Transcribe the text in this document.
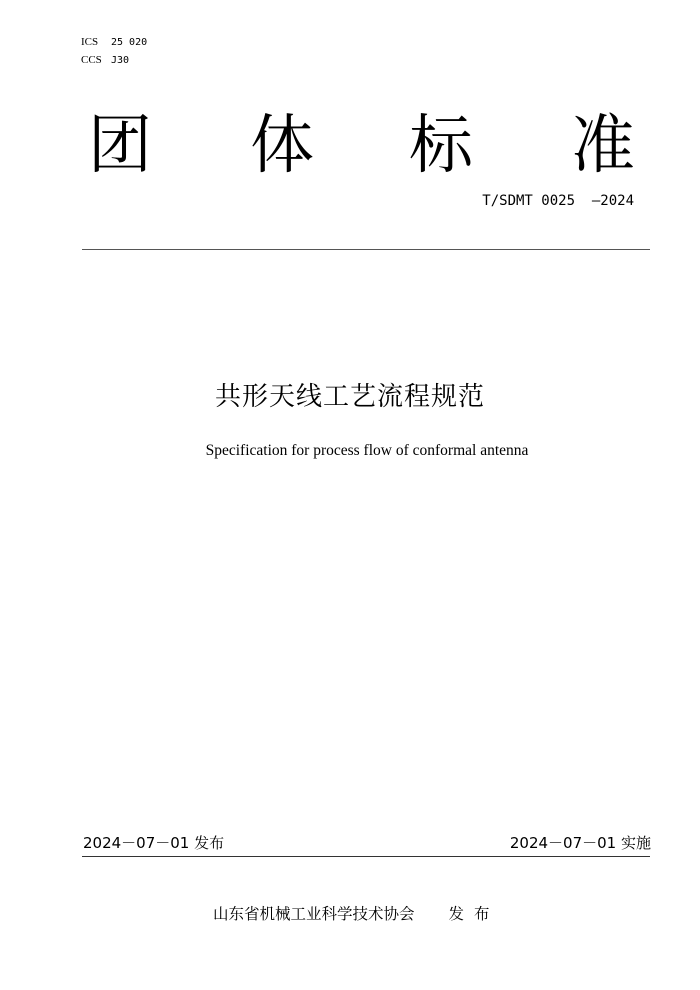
ICS 25 020
CCS J30
团 体 标 准
T/SDMT 0025  —2024
共形天线工艺流程规范
Specification for process flow of conformal antenna
2024－07－01 发布	2024－07－01 实施
山东省机械工业科学技术协会 发布
